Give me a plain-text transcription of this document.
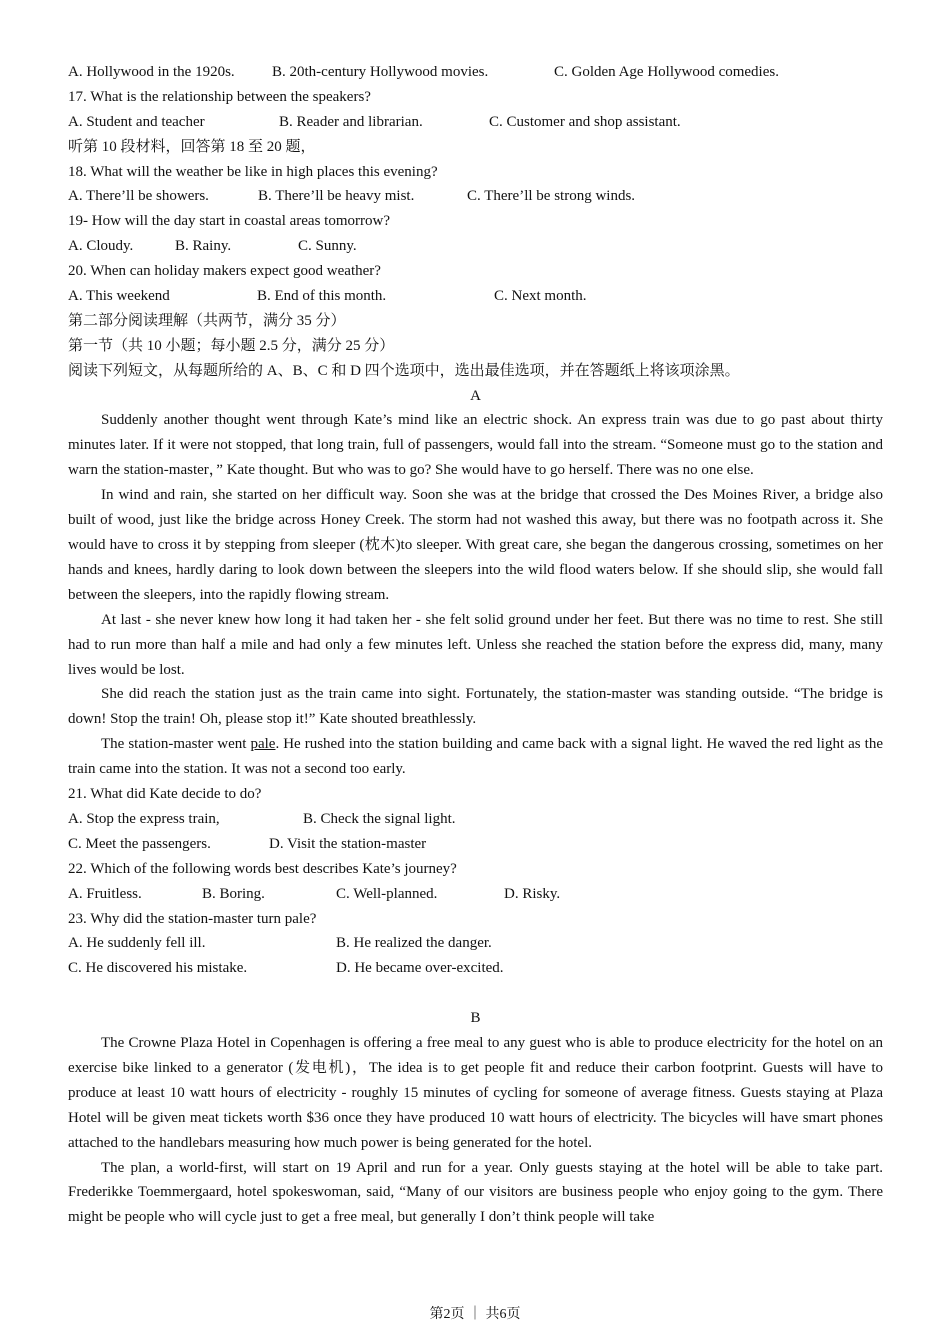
A. Hollywood in the 1920s. B. 20th-century Hollywood movies.	C. Golden Age Hollywood comedies.
17. What is the relationship between the speakers?
A. Student and teacher	B. Reader and librarian.	C. Customer and shop assistant.
听第 10 段材料，回答第 18 至 20 题，
18. What will the weather be like in high places this evening?
A. There’ll be showers.	B. There’ll be heavy mist.	C. There’ll be strong winds.
19- How will the day start in coastal areas tomorrow?
A. Cloudy.	B. Rainy.	C. Sunny.
20. When can holiday makers expect good weather?
A. This weekend	B. End of this month.	C. Next month.
第二部分阅读理解（共两节，满分 35 分）
第一节（共 10 小题；每小题 2.5 分，满分 25 分）
阅读下列短文，从每题所给的 A、B、C 和 D 四个选项中，选出最佳选项，并在答题纸上将该项涂黑。
A
Suddenly another thought went through Kate’s mind like an electric shock. An express train was due to go past about thirty minutes later. If it were not stopped, that long train, full of passengers, would fall into the stream. “Someone must go to the station and warn the station-master，” Kate thought. But who was to go? She would have to go herself. There was no one else.
In wind and rain, she started on her difficult way. Soon she was at the bridge that crossed the Des Moines River, a bridge also built of wood, just like the bridge across Honey Creek. The storm had not washed this away, but there was no footpath across it. She would have to cross it by stepping from sleeper (枕木)to sleeper. With great care, she began the dangerous crossing, sometimes on her hands and knees, hardly daring to look down between the sleepers into the wild flood waters below. If she should slip, she would fall between the sleepers, into the rapidly flowing stream.
At last - she never knew how long it had taken her - she felt solid ground under her feet. But there was no time to rest. She still had to run more than half a mile and had only a few minutes left. Unless she reached the station before the express did, many, many lives would be lost.
She did reach the station just as the train came into sight. Fortunately, the station-master was standing outside. “The bridge is down! Stop the train! Oh, please stop it!” Kate shouted breathlessly.
The station-master went pale. He rushed into the station building and came back with a signal light. He waved the red light as the train came into the station. It was not a second too early.
21. What did Kate decide to do?
A. Stop the express train,	B. Check the signal light.
C. Meet the passengers.	D. Visit the station-master
22. Which of the following words best describes Kate’s journey?
A. Fruitless.	B. Boring.	C. Well-planned.	D. Risky.
23. Why did the station-master turn pale?
A. He suddenly fell ill.	B. He realized the danger.
C. He discovered his mistake.	D. He became over-excited.
B
The Crowne Plaza Hotel in Copenhagen is offering a free meal to any guest who is able to produce electricity for the hotel on an exercise bike linked to a generator (发电机)，The idea is to get people fit and reduce their carbon footprint. Guests will have to produce at least 10 watt hours of electricity - roughly 15 minutes of cycling for someone of average fitness. Guests staying at Plaza Hotel will be given meat tickets worth $36 once they have produced 10 watt hours of electricity. The bicycles will have smart phones attached to the handlebars measuring how much power is being generated for the hotel.
The plan, a world-first, will start on 19 April and run for a year. Only guests staying at the hotel will be able to take part. Frederikke Toemmergaard, hotel spokeswoman, said, “Many of our visitors are business people who enjoy going to the gym. There might be people who will cycle just to get a free meal, but generally I don’t think people will take
第2页 ｜ 共6页
